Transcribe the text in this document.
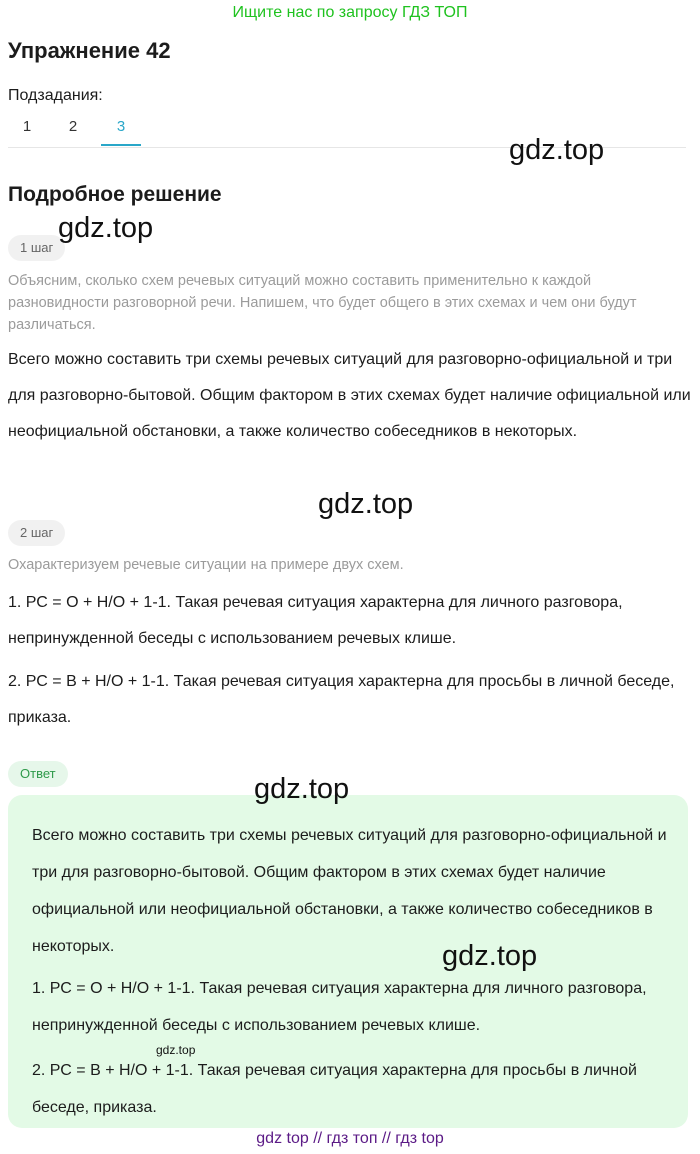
Ищите нас по запросу ГДЗ ТОП
Упражнение 42
Подзадания:
1	2	3
gdz.top
Подробное решение
1 шаг
gdz.top
Объясним, сколько схем речевых ситуаций можно составить применительно к каждой разновидности разговорной речи. Напишем, что будет общего в этих схемах и чем они будут различаться.
Всего можно составить три схемы речевых ситуаций для разговорно-официальной и три для разговорно-бытовой. Общим фактором в этих схемах будет наличие официальной или неофициальной обстановки, а также количество собеседников в некоторых.
gdz.top
2 шаг
Охарактеризуем речевые ситуации на примере двух схем.
1. РС = О + Н/О + 1-1. Такая речевая ситуация характерна для личного разговора, непринужденной беседы с использованием речевых клише.
2. РС = В + Н/О + 1-1. Такая речевая ситуация характерна для просьбы в личной беседе, приказа.
Ответ	gdz.top
Всего можно составить три схемы речевых ситуаций для разговорно-официальной и три для разговорно-бытовой. Общим фактором в этих схемах будет наличие официальной или неофициальной обстановки, а также количество собеседников в некоторых.	gdz.top
1. РС = О + Н/О + 1-1. Такая речевая ситуация характерна для личного разговора, непринужденной беседы с использованием речевых клише.
gdz.top
2. РС = В + Н/О + 1-1. Такая речевая ситуация характерна для просьбы в личной беседе, приказа.
gdz top // гдз топ // гдз top
